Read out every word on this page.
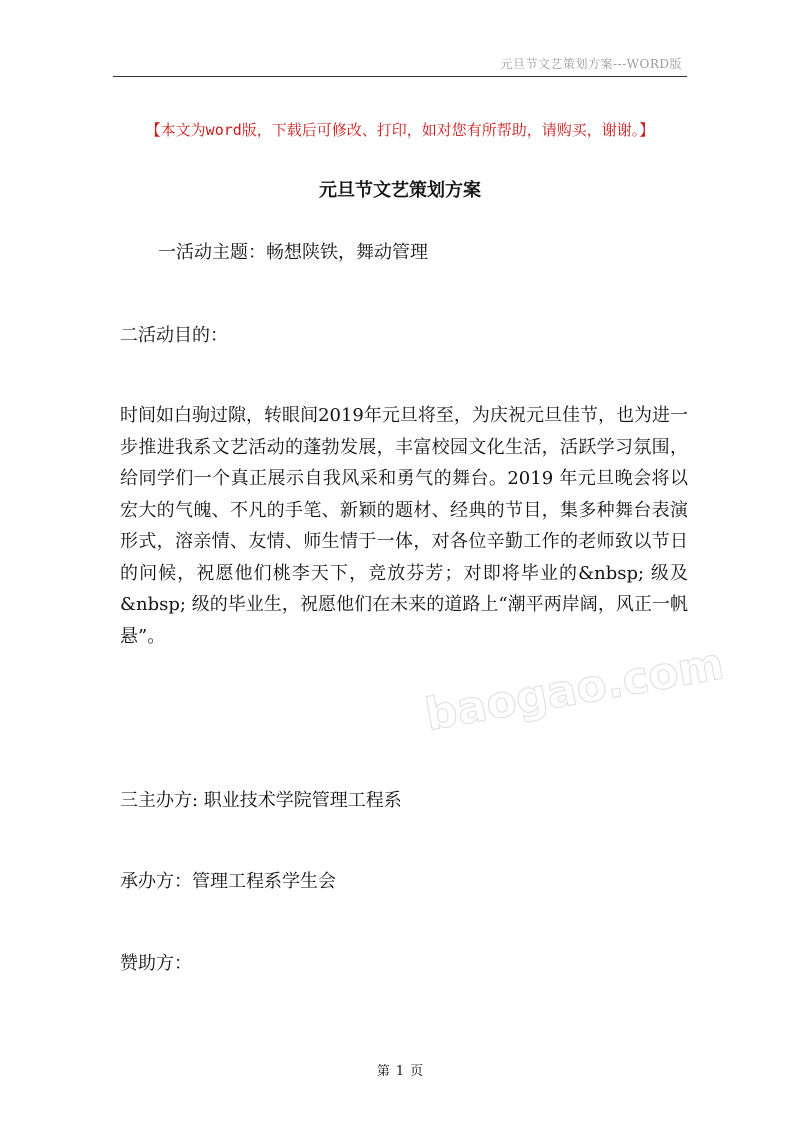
元旦节文艺策划方案---WORD版
【本文为word版，下载后可修改、打印，如对您有所帮助，请购买，谢谢。】
元旦节文艺策划方案

一活动主题：畅想陕铁，舞动管理

二活动目的：

时间如白驹过隙，转眼间2019年元旦将至，为庆祝元旦佳节，也为进一步推进我系文艺活动的蓬勃发展，丰富校园文化生活，活跃学习氛围，给同学们一个真正展示自我风采和勇气的舞台。2019 年元旦晚会将以宏大的气魄、不凡的手笔、新颖的题材、经典的节目，集多种舞台表演形式，溶亲情、友情、师生情于一体，对各位辛勤工作的老师致以节日的问候，祝愿他们桃李天下，竞放芬芳；对即将毕业的&nbsp; 级及&nbsp; 级的毕业生，祝愿他们在未来的道路上“潮平两岸阔，风正一帆悬”。

三主办方: 职业技术学院管理工程系

承办方：管理工程系学生会

赞助方：

baogao.com
第 1 页
